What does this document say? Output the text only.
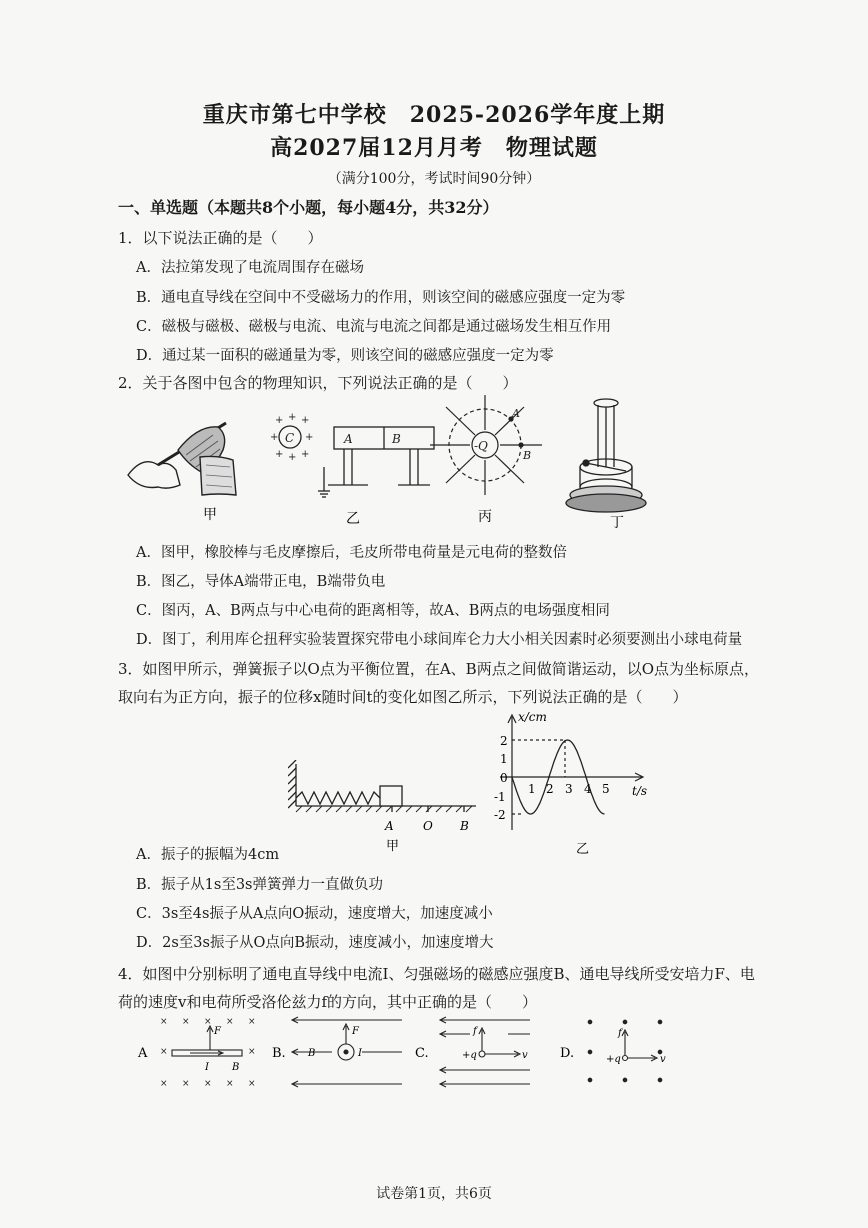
重庆市第七中学校　2025-2026学年度上期
高2027届12月月考　物理试题
（满分100分，考试时间90分钟）
一、单选题（本题共8个小题，每小题4分，共32分）
1．以下说法正确的是（　　）
A．法拉第发现了电流周围存在磁场
B．通电直导线在空间中不受磁场力的作用，则该空间的磁感应强度一定为零
C．磁极与磁极、磁极与电流、电流与电流之间都是通过磁场发生相互作用
D．通过某一面积的磁通量为零，则该空间的磁感应强度一定为零
2．关于各图中包含的物理知识，下列说法正确的是（　　）
甲
C
+ + +
+	+
+ + +
A	B
乙
-Q
A
B
丙	丁
A．图甲，橡胶棒与毛皮摩擦后，毛皮所带电荷量是元电荷的整数倍
B．图乙，导体A端带正电，B端带负电
C．图丙，A、B两点与中心电荷的距离相等，故A、B两点的电场强度相同
D．图丁，利用库仑扭秤实验装置探究带电小球间库仑力大小相关因素时必须要测出小球电荷量
3．如图甲所示，弹簧振子以O点为平衡位置，在A、B两点之间做简谐运动，以O点为坐标原点，
取向右为正方向，振子的位移x随时间t的变化如图乙所示，下列说法正确的是（　　）
A O B
甲
x/cm
t/s
2
1
0
-1
-2
1 2 3 4 5
乙
A．振子的振幅为4cm
B．振子从1s至3s弹簧弹力一直做负功
C．3s至4s振子从A点向O振动，速度增大，加速度减小
D．2s至3s振子从O点向B振动，速度减小，加速度增大
4．如图中分别标明了通电直导线中电流I、匀强磁场的磁感应强度B、通电导线所受安培力F、电
荷的速度v和电荷所受洛伦兹力f的方向，其中正确的是（　　）
A
× × × × ×
×	×
× × × × ×
F
I B
B.
F
I
B	C.
f
+q	v D.
f
+q	v
试卷第1页，共6页
